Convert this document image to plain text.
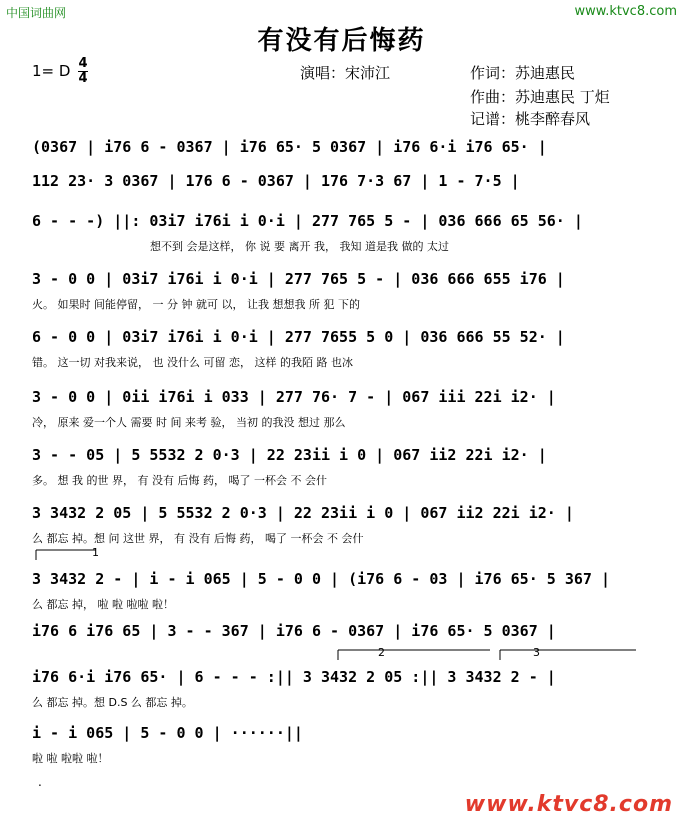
中国词曲网	www.ktvc8.com
有没有后悔药
1= D 4
4	演唱：宋沛江	作词：苏迪惠民
作曲：苏迪惠民 丁炬
记谱：桃李醉春风
(0367 | i76 6 - 0367 | i76 65· 5 0367 | i76 6·i i76 65· |
112 23· 3 0367 | 176 6 - 0367 | 176 7·3 67 | 1 - 7·5 |
6 - - -) ||: 03i7 i76i i 0·i | 277 765 5 - | 036 666 65 56· |
想不到 会是这样， 你 说 要 离开 我， 我知 道是我 做的 太过
3 - 0 0 | 03i7 i76i i 0·i | 277 765 5 - | 036 666 655 i76 |
火。 如果时 间能停留， 一 分 钟 就可 以， 让我 想想我 所 犯 下的
6 - 0 0 | 03i7 i76i i 0·i | 277 7655 5 0 | 036 666 55 52· |
错。 这一切 对我来说， 也 没什么 可留 恋， 这样 的我陌 路 也冰
3 - 0 0 | 0ii i76i i 033 | 277 76· 7 - | 067 iii 22i i2· |
冷， 原来 爱一个人 需要 时 间 来考 验， 当初 的我没 想过 那么
3 - - 05 | 5 5532 2 0·3 | 22 23ii i 0 | 067 ii2 22i i2· |
多。 想 我 的世 界， 有 没有 后悔 药， 喝了 一杯会 不 会什
3 3432 2 05 | 5 5532 2 0·3 | 22 23ii i 0 | 067 ii2 22i i2· |
么 都忘 掉。想 问 这世 界， 有 没有 后悔 药， 喝了 一杯会 不 会什
1
3 3432 2 - | i - i 065 | 5 - 0 0 | (i76 6 - 03 | i76 65· 5 367 |
么 都忘 掉， 啦 啦 啦啦 啦！
i76 6 i76 65 | 3 - - 367 | i76 6 - 0367 | i76 65· 5 0367 |
2	3
i76 6·i i76 65· | 6 - - - :|| 3 3432 2 05 :|| 3 3432 2 - |
么 都忘 掉。想 D.S 么 都忘 掉。
i - i 065 | 5 - 0 0 | ······||
啦 啦 啦啦 啦！
.
www.ktvc8.com
